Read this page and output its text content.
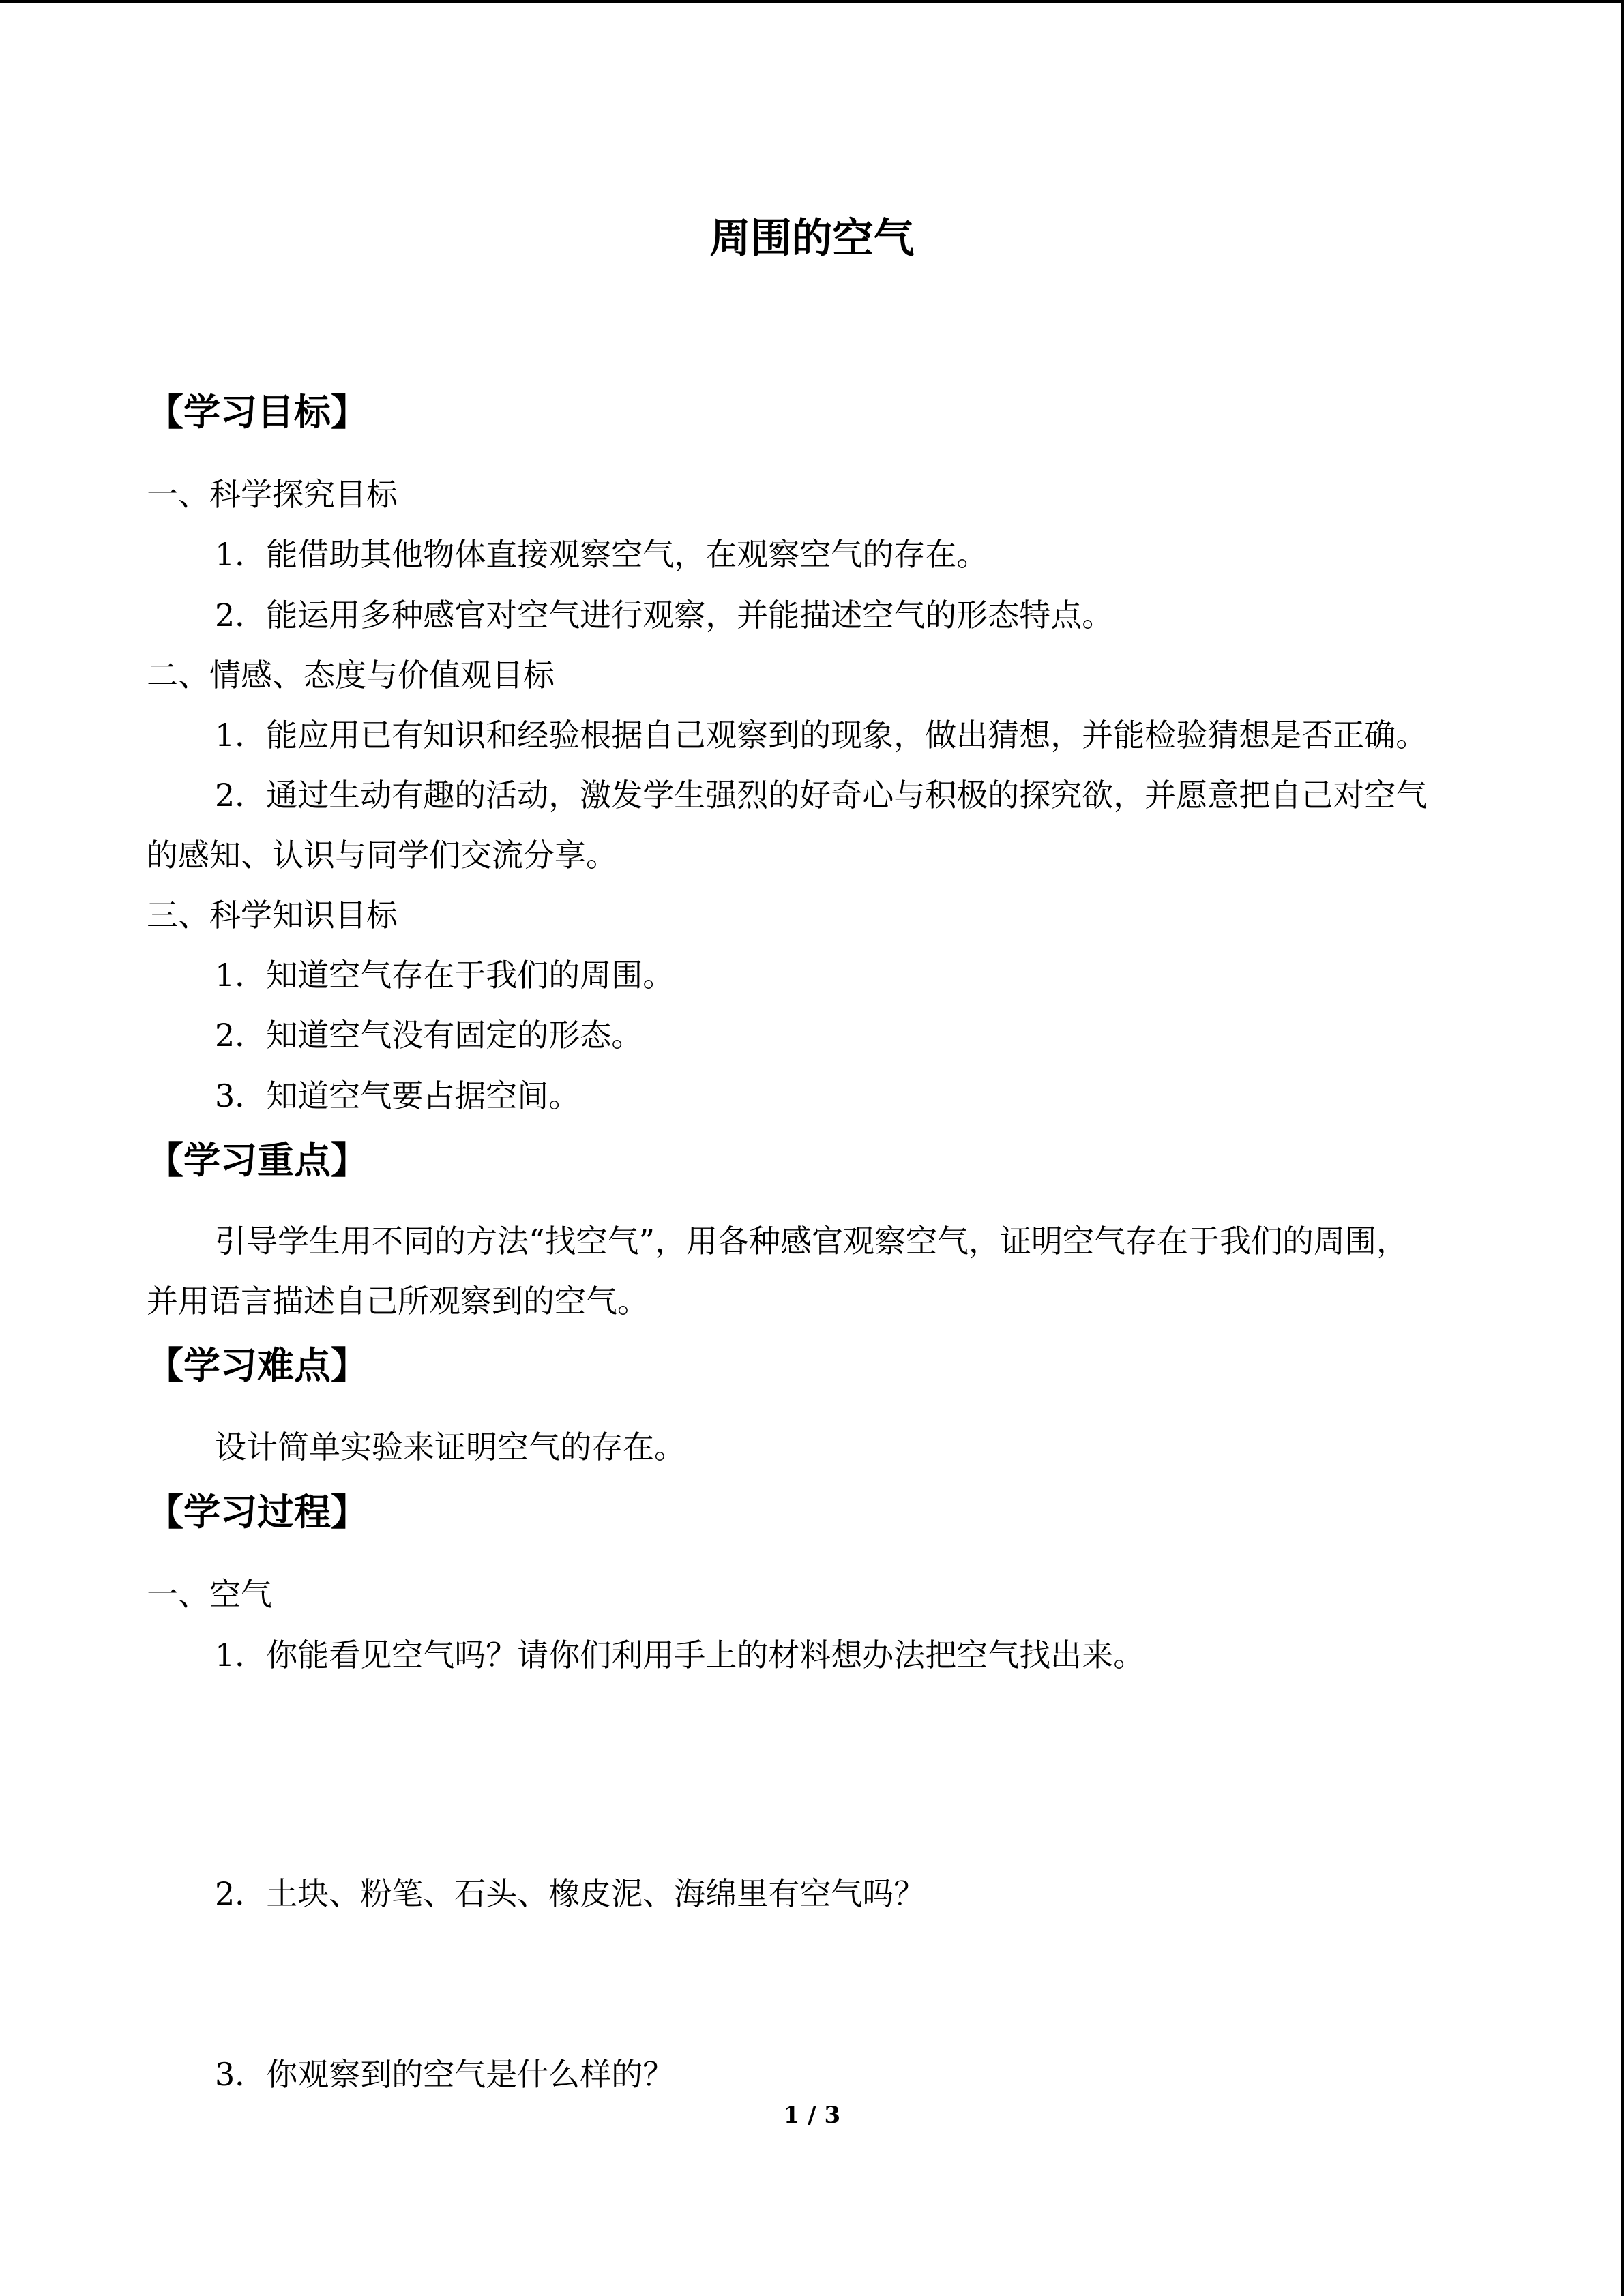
周围的空气
【学习目标】
一、科学探究目标
1．能借助其他物体直接观察空气，在观察空气的存在。
2．能运用多种感官对空气进行观察，并能描述空气的形态特点。
二、情感、态度与价值观目标
1．能应用已有知识和经验根据自己观察到的现象，做出猜想，并能检验猜想是否正确。
2．通过生动有趣的活动，激发学生强烈的好奇心与积极的探究欲，并愿意把自己对空气
的感知、认识与同学们交流分享。
三、科学知识目标
1．知道空气存在于我们的周围。
2．知道空气没有固定的形态。
3．知道空气要占据空间。
【学习重点】
引导学生用不同的方法“找空气”，用各种感官观察空气，证明空气存在于我们的周围，
并用语言描述自己所观察到的空气。
【学习难点】
设计简单实验来证明空气的存在。
【学习过程】
一、空气
1．你能看见空气吗？请你们利用手上的材料想办法把空气找出来。
2．土块、粉笔、石头、橡皮泥、海绵里有空气吗？
3．你观察到的空气是什么样的？
1 / 3
